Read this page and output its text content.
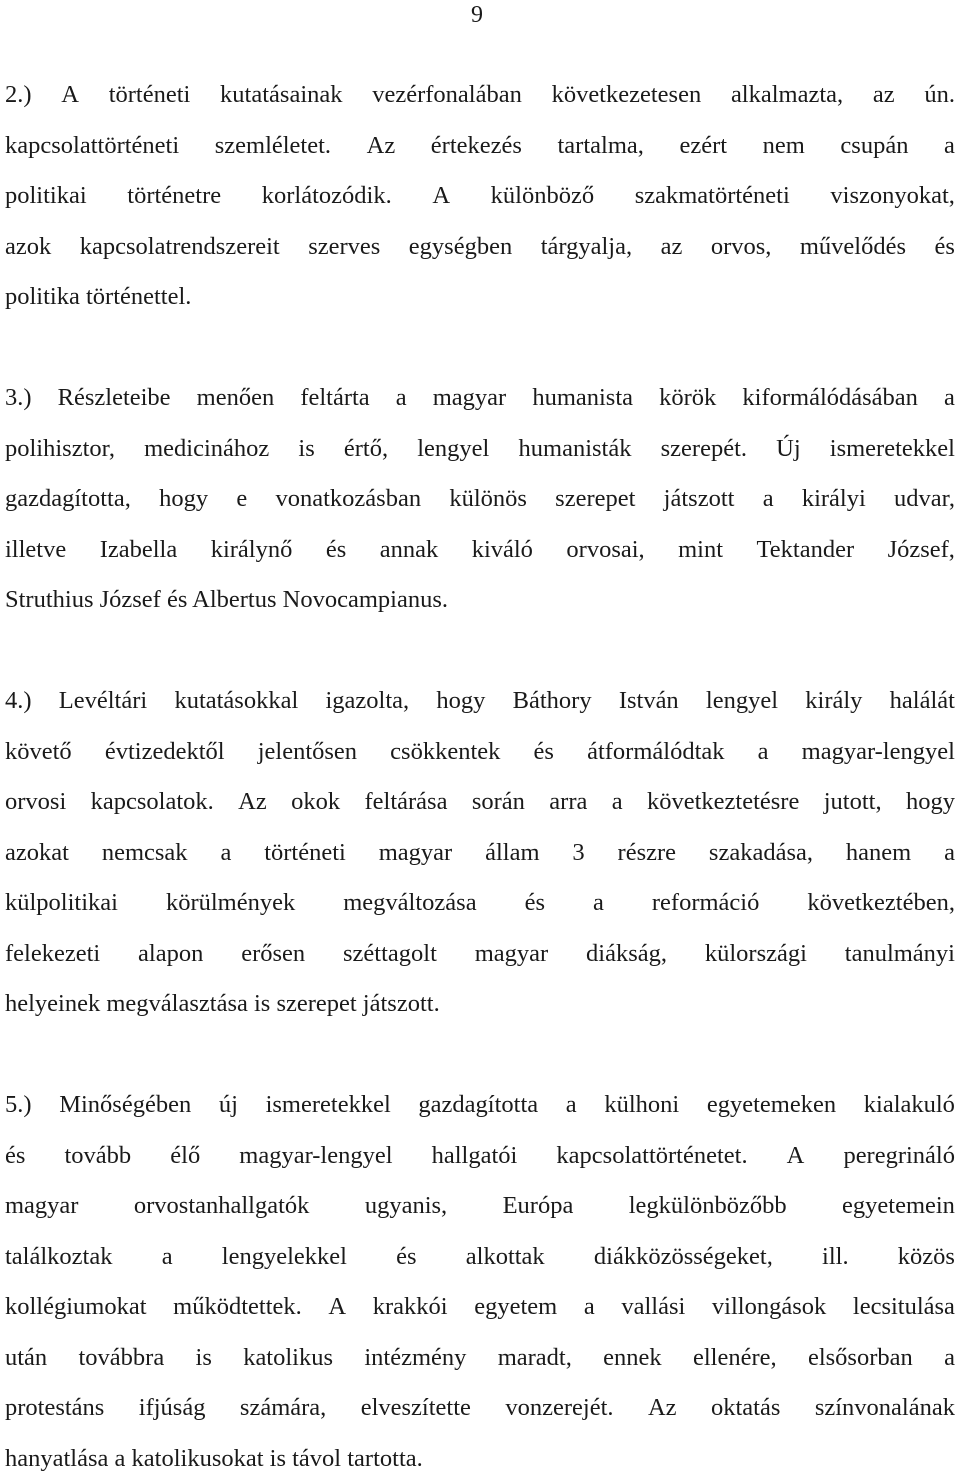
9
2.) A történeti kutatásainak vezérfonalában következetesen alkalmazta, az ún.
kapcsolattörténeti szemléletet. Az értekezés tartalma, ezért nem csupán a
politikai történetre korlátozódik. A különböző szakmatörténeti viszonyokat,
azok kapcsolatrendszereit szerves egységben tárgyalja, az orvos, művelődés és
politika történettel.
3.) Részleteibe menően feltárta a magyar humanista körök kiformálódásában a
polihisztor, medicinához is értő, lengyel humanisták szerepét. Új ismeretekkel
gazdagította, hogy e vonatkozásban különös szerepet játszott a királyi udvar,
illetve Izabella királynő és annak kiváló orvosai, mint Tektander József,
Struthius József és Albertus Novocampianus.
4.) Levéltári kutatásokkal igazolta, hogy Báthory István lengyel király halálát
követő évtizedektől jelentősen csökkentek és átformálódtak a magyar-lengyel
orvosi kapcsolatok. Az okok feltárása során arra a következtetésre jutott, hogy
azokat nemcsak a történeti magyar állam 3 részre szakadása, hanem a
külpolitikai körülmények megváltozása és a reformáció következtében,
felekezeti alapon erősen széttagolt magyar diákság, külországi tanulmányi
helyeinek megválasztása is szerepet játszott.
5.) Minőségében új ismeretekkel gazdagította a külhoni egyetemeken kialakuló
és tovább élő magyar-lengyel hallgatói kapcsolattörténetet. A peregrináló
magyar orvostanhallgatók ugyanis, Európa legkülönbözőbb egyetemein
találkoztak a lengyelekkel és alkottak diákközösségeket, ill. közös
kollégiumokat működtettek. A krakkói egyetem a vallási villongások lecsitulása
után továbbra is katolikus intézmény maradt, ennek ellenére, elsősorban a
protestáns ifjúság számára, elveszítette vonzerejét. Az oktatás színvonalának
hanyatlása a katolikusokat is távol tartotta.
